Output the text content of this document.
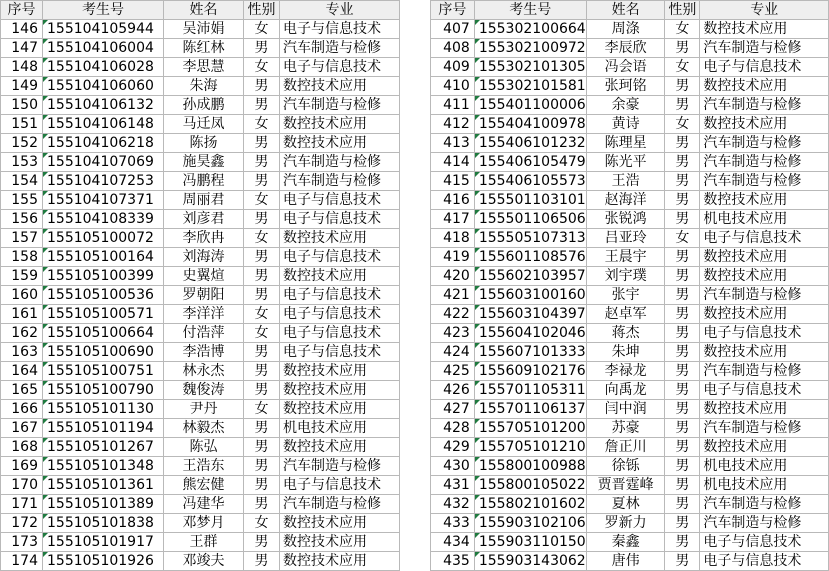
序号	考生号	姓名	性别	专业
146	155104105944	吴沛娟	女	电子与信息技术
147	155104106004	陈红林	男	汽车制造与检修
148	155104106028	李思慧	女	电子与信息技术
149	155104106060	朱海	男	数控技术应用
150	155104106132	孙成鹏	男	汽车制造与检修
151	155104106148	马迁凤	女	数控技术应用
152	155104106218	陈扬	男	数控技术应用
153	155104107069	施昊鑫	男	汽车制造与检修
154	155104107253	冯鹏程	男	汽车制造与检修
155	155104107371	周丽君	女	电子与信息技术
156	155104108339	刘彦君	男	电子与信息技术
157	155105100072	李欣冉	女	数控技术应用
158	155105100164	刘海涛	男	电子与信息技术
159	155105100399	史翼煊	男	数控技术应用
160	155105100536	罗朝阳	男	电子与信息技术
161	155105100571	李洋洋	女	电子与信息技术
162	155105100664	付浩萍	女	电子与信息技术
163	155105100690	李浩博	男	电子与信息技术
164	155105100751	林永杰	男	数控技术应用
165	155105100790	魏俊涛	男	数控技术应用
166	155105101130	尹丹	女	数控技术应用
167	155105101194	林毅杰	男	机电技术应用
168	155105101267	陈弘	男	数控技术应用
169	155105101348	王浩东	男	汽车制造与检修
170	155105101361	熊宏健	男	电子与信息技术
171	155105101389	冯建华	男	汽车制造与检修
172	155105101838	邓梦月	女	数控技术应用
173	155105101917	王群	男	数控技术应用
174	155105101926	邓竣夫	男	数控技术应用
序号	考生号	姓名	性别	专业
407	155302100664	周涤	女	数控技术应用
408	155302100972	李辰欣	男	汽车制造与检修
409	155302101305	冯会语	女	电子与信息技术
410	155302101581	张珂铭	男	数控技术应用
411	155401100006	余豪	男	汽车制造与检修
412	155404100978	黄诗	女	数控技术应用
413	155406101232	陈理星	男	汽车制造与检修
414	155406105479	陈光平	男	汽车制造与检修
415	155406105573	王浩	男	汽车制造与检修
416	155501103101	赵海洋	男	数控技术应用
417	155501106506	张锐鸿	男	机电技术应用
418	155505107313	吕亚玲	女	电子与信息技术
419	155601108576	王晨宇	男	数控技术应用
420	155602103957	刘宇璞	男	数控技术应用
421	155603100160	张宇	男	汽车制造与检修
422	155603104397	赵卓军	男	数控技术应用
423	155604102046	蒋杰	男	电子与信息技术
424	155607101333	朱坤	男	数控技术应用
425	155609102176	李禄龙	男	汽车制造与检修
426	155701105311	向禹龙	男	电子与信息技术
427	155701106137	闫中润	男	数控技术应用
428	155705101200	苏豪	男	汽车制造与检修
429	155705101210	詹正川	男	数控技术应用
430	155800100988	徐铄	男	机电技术应用
431	155800105022	贾晋霆峰	男	机电技术应用
432	155802101602	夏林	男	汽车制造与检修
433	155903102106	罗新力	男	汽车制造与检修
434	155903110150	秦鑫	男	电子与信息技术
435	155903143062	唐伟	男	电子与信息技术
